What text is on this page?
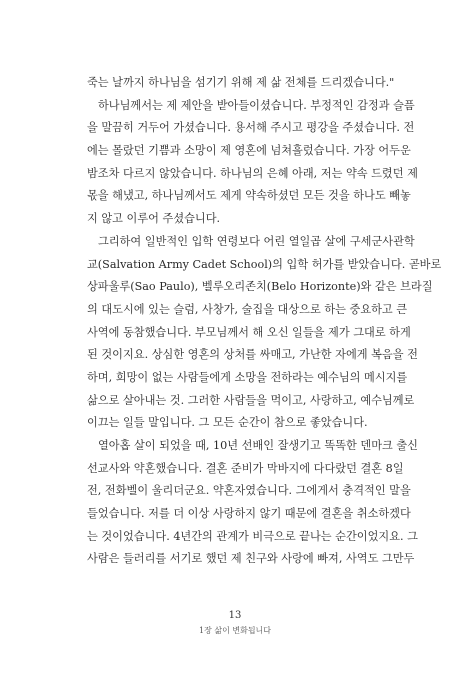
죽는 날까지 하나님을 섬기기 위해 제 삶 전체를 드리겠습니다."
하나님께서는 제 제안을 받아들이셨습니다. 부정적인 감정과 슬픔
을 말끔히 거두어 가셨습니다. 용서해 주시고 평강을 주셨습니다. 전
에는 몰랐던 기쁨과 소망이 제 영혼에 넘쳐흘렀습니다. 가장 어두운
밤조차 다르지 않았습니다. 하나님의 은혜 아래, 저는 약속 드렸던 제
몫을 해냈고, 하나님께서도 제게 약속하셨던 모든 것을 하나도 빼놓
지 않고 이루어 주셨습니다.
그리하여 일반적인 입학 연령보다 어린 열일곱 살에 구세군사관학
교(Salvation Army Cadet School)의 입학 허가를 받았습니다. 곧바로
상파울루(Sao Paulo), 벨루오리존치(Belo Horizonte)와 같은 브라질
의 대도시에 있는 슬럼, 사창가, 술집을 대상으로 하는 중요하고 큰
사역에 동참했습니다. 부모님께서 해 오신 일들을 제가 그대로 하게
된 것이지요. 상심한 영혼의 상처를 싸매고, 가난한 자에게 복음을 전
하며, 희망이 없는 사람들에게 소망을 전하라는 예수님의 메시지를
삶으로 살아내는 것. 그러한 사람들을 먹이고, 사랑하고, 예수님께로
이끄는 일들 말입니다. 그 모든 순간이 참으로 좋았습니다.
열아홉 살이 되었을 때, 10년 선배인 잘생기고 똑똑한 덴마크 출신
선교사와 약혼했습니다. 결혼 준비가 막바지에 다다랐던 결혼 8일
전, 전화벨이 울리더군요. 약혼자였습니다. 그에게서 충격적인 말을
들었습니다. 저를 더 이상 사랑하지 않기 때문에 결혼을 취소하겠다
는 것이었습니다. 4년간의 관계가 비극으로 끝나는 순간이었지요. 그
사람은 들러리를 서기로 했던 제 친구와 사랑에 빠져, 사역도 그만두
13
1장 삶이 변화됩니다
